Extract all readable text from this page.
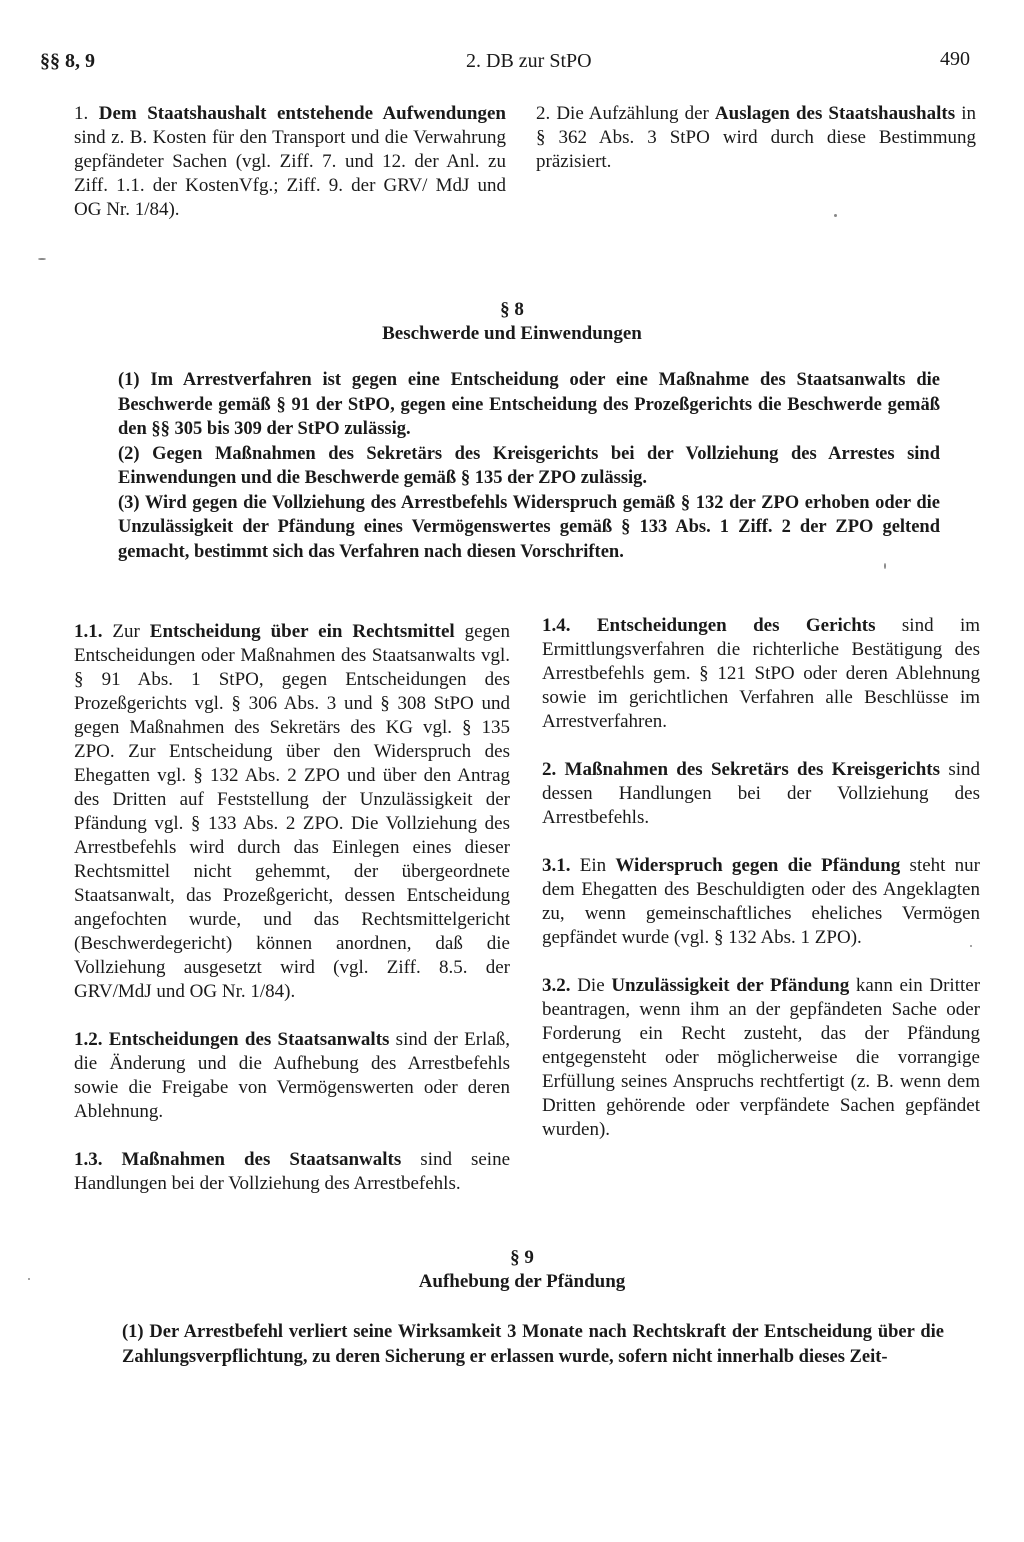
§§ 8, 9	2. DB zur StPO	490

1. Dem Staatshaushalt entstehende Aufwendungen sind z. B. Kosten für den Transport und die Verwahrung gepfändeter Sachen (vgl. Ziff. 7. und 12. der Anl. zu Ziff. 1.1. der KostenVfg.; Ziff. 9. der GRV/ MdJ und OG Nr. 1/84).

2. Die Aufzählung der Auslagen des Staatshaushalts in § 362 Abs. 3 StPO wird durch diese Bestimmung präzisiert.

§ 8
Beschwerde und Einwendungen

(1) Im Arrestverfahren ist gegen eine Entscheidung oder eine Maßnahme des Staatsanwalts die Beschwerde gemäß § 91 der StPO, gegen eine Entscheidung des Prozeßgerichts die Beschwerde gemäß den §§ 305 bis 309 der StPO zulässig.

(2) Gegen Maßnahmen des Sekretärs des Kreisgerichts bei der Vollziehung des Arrestes sind Einwendungen und die Beschwerde gemäß § 135 der ZPO zulässig.

(3) Wird gegen die Vollziehung des Arrestbefehls Widerspruch gemäß § 132 der ZPO erhoben oder die Unzulässigkeit der Pfändung eines Vermögenswertes gemäß § 133 Abs. 1 Ziff. 2 der ZPO geltend gemacht, bestimmt sich das Verfahren nach diesen Vorschriften.

1.1. Zur Entscheidung über ein Rechtsmittel gegen Entscheidungen oder Maßnahmen des Staatsanwalts vgl. § 91 Abs. 1 StPO, gegen Entscheidungen des Prozeßgerichts vgl. § 306 Abs. 3 und § 308 StPO und gegen Maßnahmen des Sekretärs des KG vgl. § 135 ZPO. Zur Entscheidung über den Widerspruch des Ehegatten vgl. § 132 Abs. 2 ZPO und über den Antrag des Dritten auf Feststellung der Unzulässigkeit der Pfändung vgl. § 133 Abs. 2 ZPO. Die Vollziehung des Arrestbefehls wird durch das Einlegen eines dieser Rechtsmittel nicht gehemmt, der übergeordnete Staatsanwalt, das Prozeßgericht, dessen Entscheidung angefochten wurde, und das Rechtsmittelgericht (Beschwerdegericht) können anordnen, daß die Vollziehung ausgesetzt wird (vgl. Ziff. 8.5. der GRV/MdJ und OG Nr. 1/84).

1.2. Entscheidungen des Staatsanwalts sind der Erlaß, die Änderung und die Aufhebung des Arrestbefehls sowie die Freigabe von Vermögenswerten oder deren Ablehnung.

1.3. Maßnahmen des Staatsanwalts sind seine Handlungen bei der Vollziehung des Arrestbefehls.

1.4. Entscheidungen des Gerichts sind im Ermittlungsverfahren die richterliche Bestätigung des Arrestbefehls gem. § 121 StPO oder deren Ablehnung sowie im gerichtlichen Verfahren alle Beschlüsse im Arrestverfahren.

2. Maßnahmen des Sekretärs des Kreisgerichts sind dessen Handlungen bei der Vollziehung des Arrestbefehls.

3.1. Ein Widerspruch gegen die Pfändung steht nur dem Ehegatten des Beschuldigten oder des Angeklagten zu, wenn gemeinschaftliches eheliches Vermögen gepfändet wurde (vgl. § 132 Abs. 1 ZPO).

3.2. Die Unzulässigkeit der Pfändung kann ein Dritter beantragen, wenn ihm an der gepfändeten Sache oder Forderung ein Recht zusteht, das der Pfändung entgegensteht oder möglicherweise die vorrangige Erfüllung seines Anspruchs rechtfertigt (z. B. wenn dem Dritten gehörende oder verpfändete Sachen gepfändet wurden).

§ 9
Aufhebung der Pfändung

(1) Der Arrestbefehl verliert seine Wirksamkeit 3 Monate nach Rechtskraft der Entscheidung über die Zahlungsverpflichtung, zu deren Sicherung er erlassen wurde, sofern nicht innerhalb dieses Zeit-
